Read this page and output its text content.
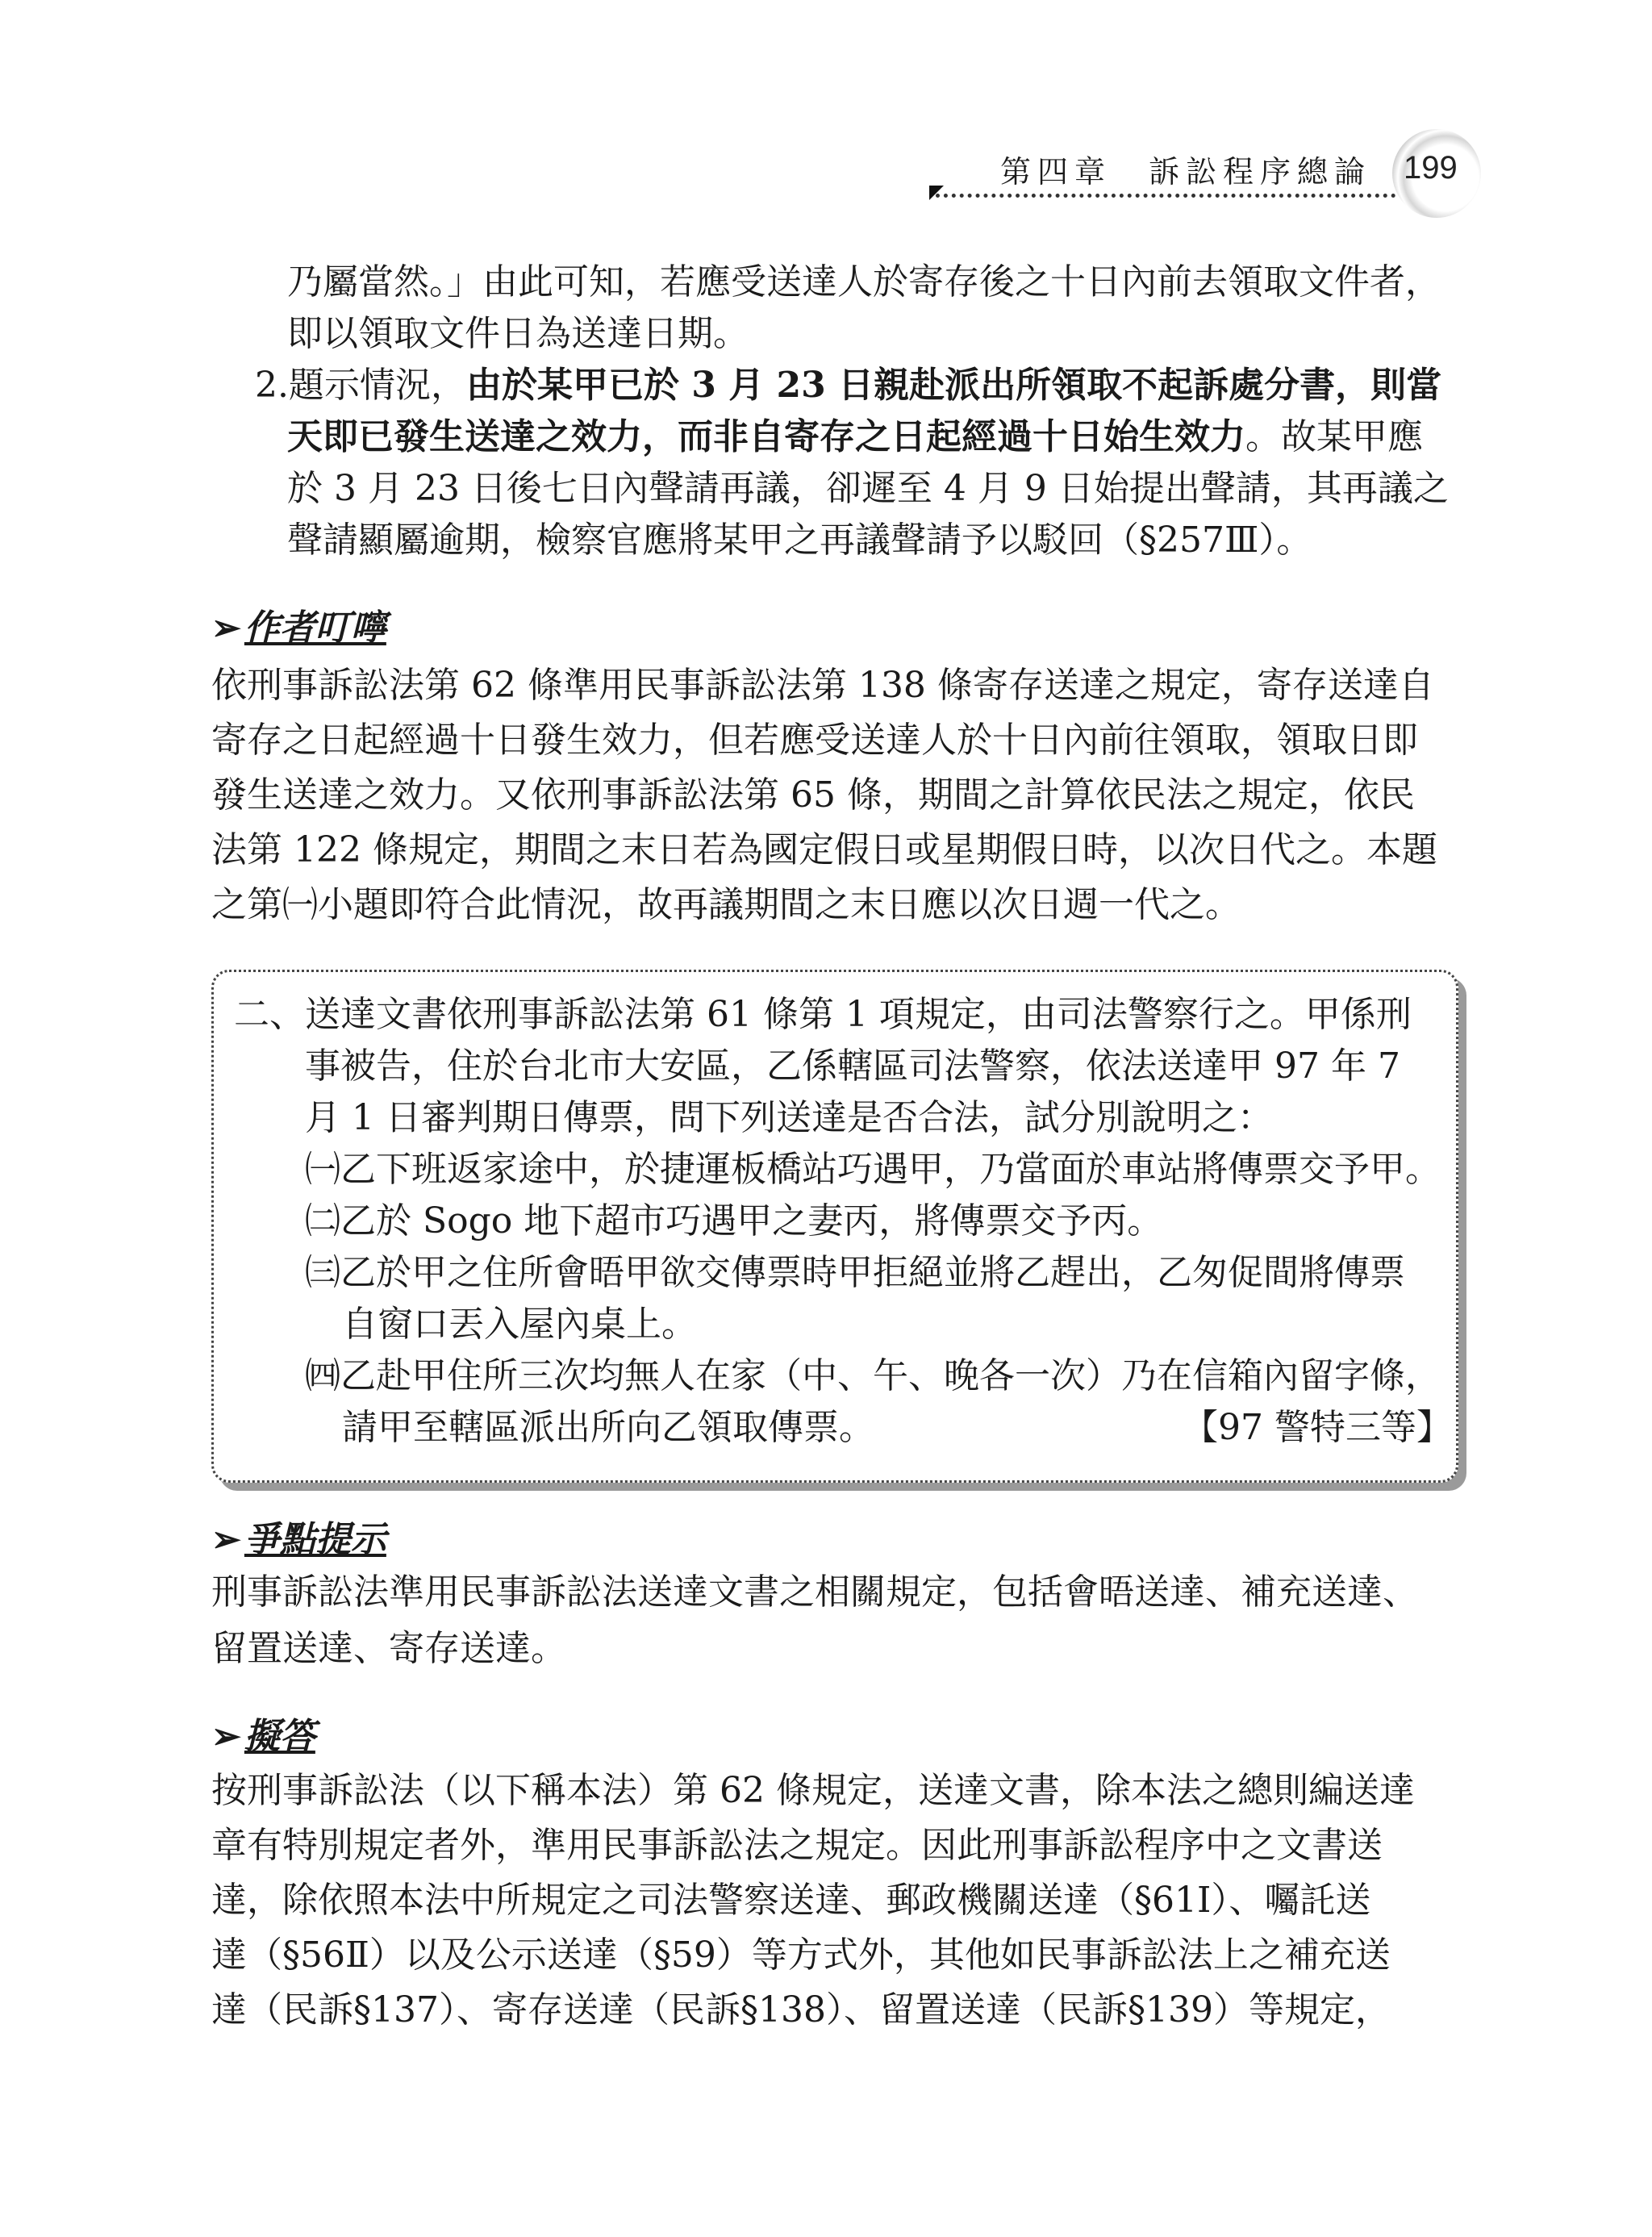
第四章　訴訟程序總論 199
乃屬當然。」由此可知，若應受送達人於寄存後之十日內前去領取文件者，
即以領取文件日為送達日期。
2.題示情況，由於某甲已於 3 月 23 日親赴派出所領取不起訴處分書，則當
天即已發生送達之效力，而非自寄存之日起經過十日始生效力。故某甲應
於 3 月 23 日後七日內聲請再議，卻遲至 4 月 9 日始提出聲請，其再議之
聲請顯屬逾期，檢察官應將某甲之再議聲請予以駁回（§257Ⅲ）。
➢作者叮嚀
依刑事訴訟法第 62 條準用民事訴訟法第 138 條寄存送達之規定，寄存送達自
寄存之日起經過十日發生效力，但若應受送達人於十日內前往領取，領取日即
發生送達之效力。又依刑事訴訟法第 65 條，期間之計算依民法之規定，依民
法第 122 條規定，期間之末日若為國定假日或星期假日時，以次日代之。本題
之第㈠小題即符合此情況，故再議期間之末日應以次日週一代之。
二、送達文書依刑事訴訟法第 61 條第 1 項規定，由司法警察行之。甲係刑
事被告，住於台北市大安區，乙係轄區司法警察，依法送達甲 97 年 7
月 1 日審判期日傳票，問下列送達是否合法，試分別說明之：
㈠乙下班返家途中，於捷運板橋站巧遇甲，乃當面於車站將傳票交予甲。
㈡乙於 Sogo 地下超市巧遇甲之妻丙，將傳票交予丙。
㈢乙於甲之住所會晤甲欲交傳票時甲拒絕並將乙趕出，乙匆促間將傳票
自窗口丟入屋內桌上。
㈣乙赴甲住所三次均無人在家（中、午、晚各一次）乃在信箱內留字條，
請甲至轄區派出所向乙領取傳票。	【97 警特三等】
➢爭點提示
刑事訴訟法準用民事訴訟法送達文書之相關規定，包括會晤送達、補充送達、
留置送達、寄存送達。
➢擬答
按刑事訴訟法（以下稱本法）第 62 條規定，送達文書，除本法之總則編送達
章有特別規定者外，準用民事訴訟法之規定。因此刑事訴訟程序中之文書送
達，除依照本法中所規定之司法警察送達、郵政機關送達（§61Ⅰ）、囑託送
達（§56Ⅱ）以及公示送達（§59）等方式外，其他如民事訴訟法上之補充送
達（民訴§137）、寄存送達（民訴§138）、留置送達（民訴§139）等規定，
